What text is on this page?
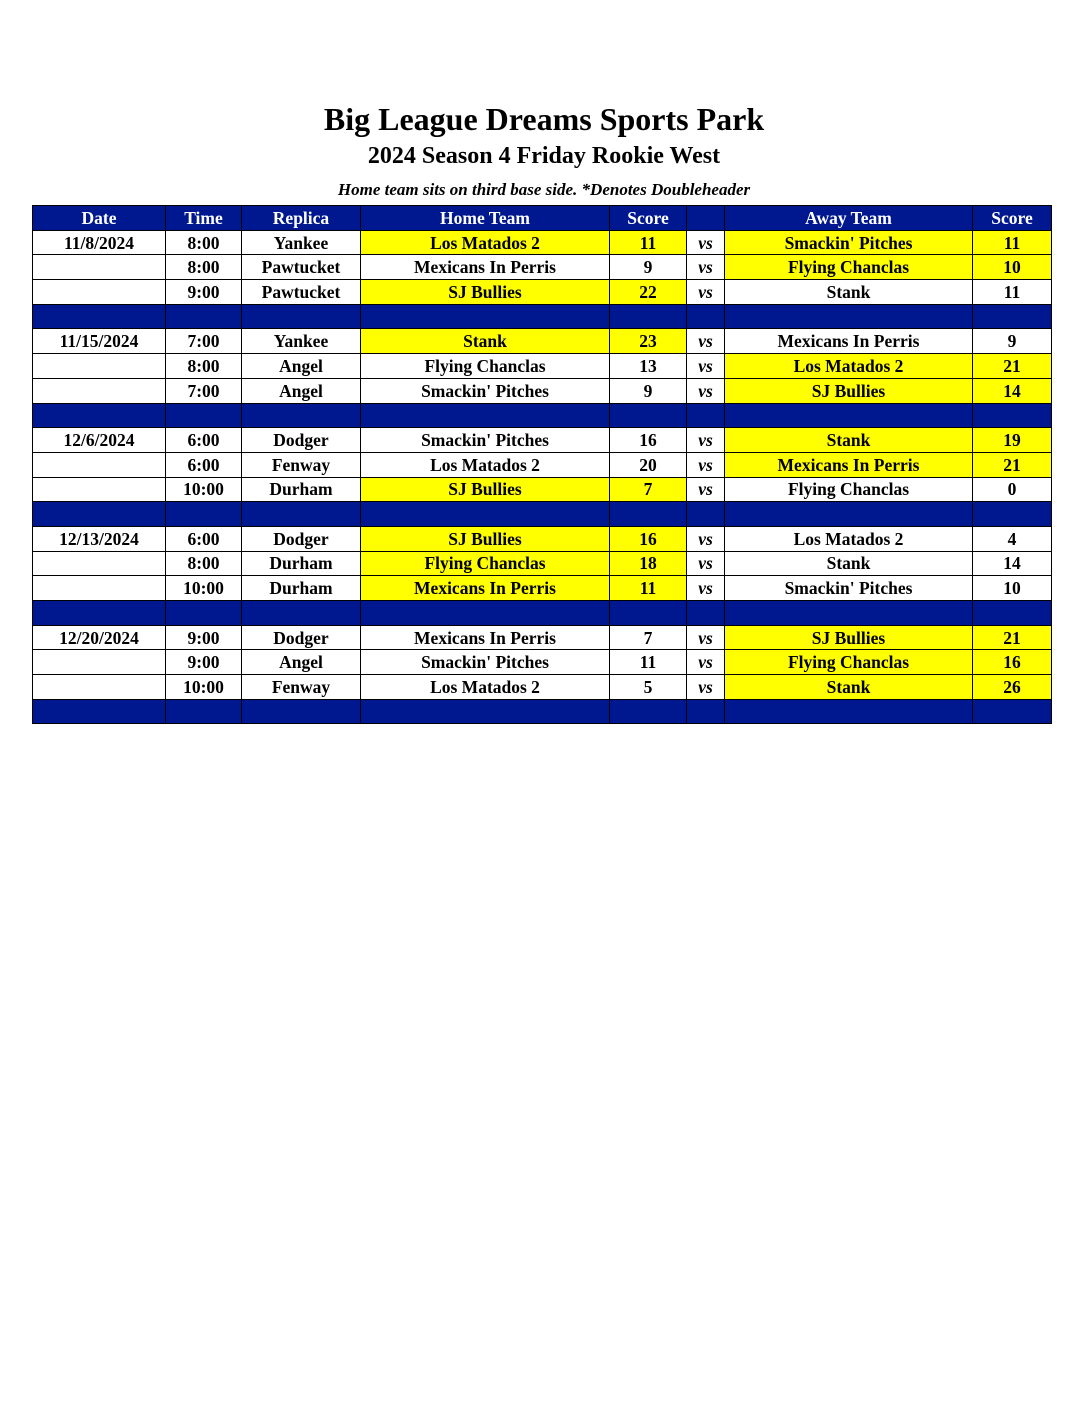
Big League Dreams Sports Park
2024 Season 4 Friday Rookie West
Home team sits on third base side. *Denotes Doubleheader
Date	Time	Replica	Home Team	Score		Away Team	Score
11/8/2024	8:00	Yankee	Los Matados 2	11	vs	Smackin' Pitches	11
	8:00	Pawtucket	Mexicans In Perris	9	vs	Flying Chanclas	10
	9:00	Pawtucket	SJ Bullies	22	vs	Stank	11

11/15/2024	7:00	Yankee	Stank	23	vs	Mexicans In Perris	9
	8:00	Angel	Flying Chanclas	13	vs	Los Matados 2	21
	7:00	Angel	Smackin' Pitches	9	vs	SJ Bullies	14

12/6/2024	6:00	Dodger	Smackin' Pitches	16	vs	Stank	19
	6:00	Fenway	Los Matados 2	20	vs	Mexicans In Perris	21
	10:00	Durham	SJ Bullies	7	vs	Flying Chanclas	0

12/13/2024	6:00	Dodger	SJ Bullies	16	vs	Los Matados 2	4
	8:00	Durham	Flying Chanclas	18	vs	Stank	14
	10:00	Durham	Mexicans In Perris	11	vs	Smackin' Pitches	10

12/20/2024	9:00	Dodger	Mexicans In Perris	7	vs	SJ Bullies	21
	9:00	Angel	Smackin' Pitches	11	vs	Flying Chanclas	16
	10:00	Fenway	Los Matados 2	5	vs	Stank	26
